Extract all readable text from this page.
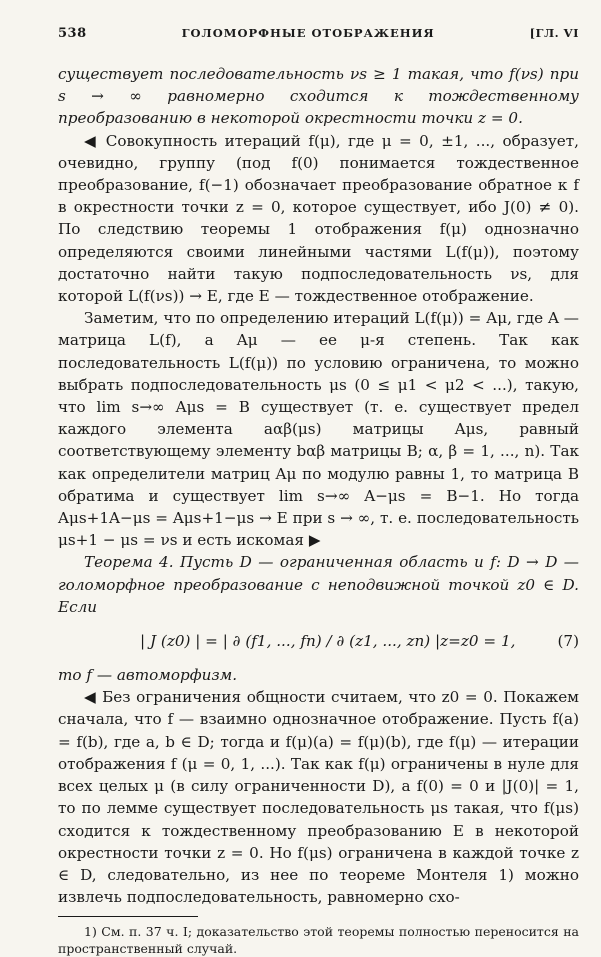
538	ГОЛОМОРФНЫЕ ОТОБРАЖЕНИЯ	[ГЛ. VI

существует последовательность νs ≥ 1 такая, что f(νs) при s → ∞ равномерно сходится к тождественному преобразованию в некоторой окрестности точки z = 0.

◀ Совокупность итераций f(μ), где μ = 0, ±1, ..., образует, очевидно, группу (под f(0) понимается тождественное преобразование, f(−1) обозначает преобразование обратное к f в окрестности точки z = 0, которое существует, ибо J(0) ≠ 0). По следствию теоремы 1 отображения f(μ) однозначно определяются своими линейными частями L(f(μ)), поэтому достаточно найти такую подпоследовательность νs, для которой L(f(νs)) → E, где E — тождественное отображение.

Заметим, что по определению итераций L(f(μ)) = Aμ, где A — матрица L(f), а Aμ — ее μ-я степень. Так как последовательность L(f(μ)) по условию ограничена, то можно выбрать подпоследовательность μs (0 ≤ μ1 < μ2 < ...), такую, что lim s→∞ Aμs = B существует (т. е. существует предел каждого элемента aαβ(μs) матрицы Aμs, равный соответствующему элементу bαβ матрицы B; α, β = 1, ..., n). Так как определители матриц Aμ по модулю равны 1, то матрица B обратима и существует lim s→∞ A−μs = B−1. Но тогда Aμs+1A−μs = Aμs+1−μs → E при s → ∞, т. е. последовательность μs+1 − μs = νs и есть искомая ▶

Теорема 4. Пусть D — ограниченная область и f: D → D — голоморфное преобразование с неподвижной точкой z0 ∈ D. Если

| J (z0) | = | ∂ (f1, ..., fn) / ∂ (z1, ..., zn) |z=z0 = 1,	(7)

то f — автоморфизм.

◀ Без ограничения общности считаем, что z0 = 0. Покажем сначала, что f — взаимно однозначное отображение. Пусть f(a) = f(b), где a, b ∈ D; тогда и f(μ)(a) = f(μ)(b), где f(μ) — итерации отображения f (μ = 0, 1, ...). Так как f(μ) ограничены в нуле для всех целых μ (в силу ограниченности D), а f(0) = 0 и |J(0)| = 1, то по лемме существует последовательность μs такая, что f(μs) сходится к тождественному преобразованию E в некоторой окрестности точки z = 0. Но f(μs) ограничена в каждой точке z ∈ D, следовательно, из нее по теореме Монтеля 1) можно извлечь подпоследовательность, равномерно схо-

1) См. п. 37 ч. I; доказательство этой теоремы полностью переносится на пространственный случай.
